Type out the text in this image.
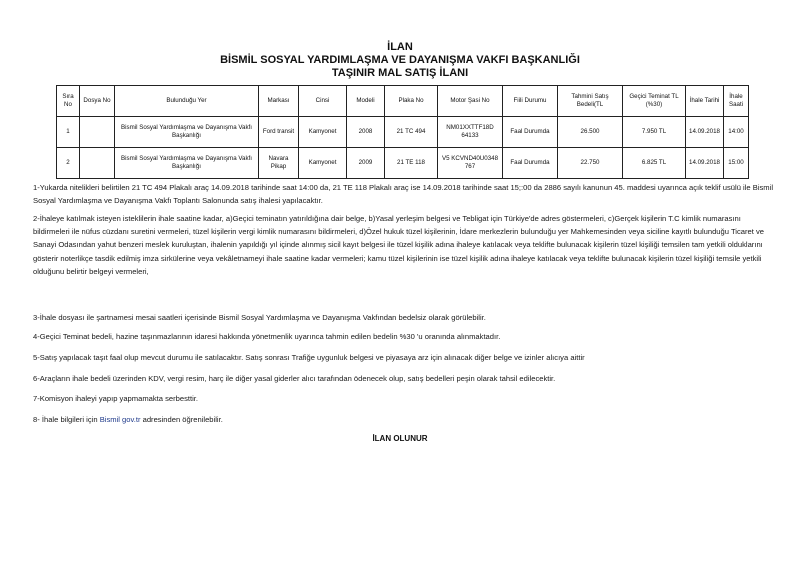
İLAN
BİSMİL SOSYAL YARDIMLAŞMA VE DAYANIŞMA VAKFI BAŞKANLIĞI
TAŞINIR MAL SATIŞ İLANI
Sıra No	Dosya No	Bulunduğu Yer	Markası	Cinsi	Modeli	Plaka No	Motor Şasi No	Fiili Durumu	Tahmini Satış Bedeli(TL	Geçici Teminat TL (%30)	İhale Tarihi	İhale Saati
1		Bismil Sosyal Yardımlaşma ve Dayanışma Vakfı Başkanlığı	Ford transit	Kamyonet	2008	21 TC 494	NM01XXTTF18D 64133	Faal Durumda	26.500	7.950 TL	14.09.2018	14:00
2		Bismil Sosyal Yardımlaşma ve Dayanışma Vakfı Başkanlığı	Navara Pikap	Kamyonet	2009	21 TE 118	V5 KCVND40U0348 767	Faal Durumda	22.750	6.825 TL	14.09.2018	15:00
1-Yukarda nitelikleri belirtilen 21 TC 494 Plakalı araç 14.09.2018 tarihinde saat 14:00 da, 21 TE 118 Plakalı araç ise 14.09.2018 tarihinde saat 15;:00 da 2886 sayılı kanunun 45. maddesi uyarınca açık teklif usülü ile Bismil Sosyal Yardımlaşma ve Dayanışma Vakfı Toplantı Salonunda satış ihalesi yapılacaktır.
2-İhaleye katılmak isteyen isteklilerin ihale saatine kadar, a)Geçici teminatın yatırıldığına dair belge, b)Yasal yerleşim belgesi ve Tebligat için Türkiye'de adres göstermeleri, c)Gerçek kişilerin T.C kimlik numarasını bildirmeleri ile nüfus cüzdanı suretini vermeleri, tüzel kişilerin vergi kimlik numarasını bildirmeleri, d)Özel hukuk tüzel kişilerinin, İdare merkezlerin bulunduğu yer Mahkemesinden veya siciline kayıtlı bulunduğu Ticaret ve Sanayi Odasından yahut benzeri meslek kuruluştan, ihalenin yapıldığı yıl içinde alınmış sicil kayıt belgesi ile tüzel kişilik adına ihaleye katılacak veya teklifte bulunacak kişilerin tüzel kişiliği temsilen tam yetkili olduklarını gösterir noterlikçe tasdik edilmiş imza sirkülerine veya vekâletnameyi ihale saatine kadar vermeleri; kamu tüzel kişilerinin ise tüzel kişilik adına ihaleye katılacak veya teklifte bulunacak kişilerin tüzel kişiliği temsile yetkili olduğunu belirtir belgeyi vermeleri,
3-İhale dosyası ile şartnamesi mesai saatleri içerisinde Bismil Sosyal Yardımlaşma ve Dayanışma Vakfından bedelsiz olarak görülebilir.
4-Geçici Teminat bedeli, hazine taşınmazlarının idaresi hakkında yönetmenlik uyarınca tahmin edilen bedelin %30 'u oranında alınmaktadır.
5-Satış yapılacak taşıt faal olup mevcut durumu ile satılacaktır. Satış sonrası Trafiğe uygunluk belgesi ve piyasaya arz için alınacak diğer belge ve izinler alıcıya aittir
6-Araçların ihale bedeli üzerinden KDV, vergi resim, harç ile diğer yasal giderler alıcı tarafından ödenecek olup, satış bedelleri peşin olarak tahsil edilecektir.
7-Komisyon ihaleyi yapıp yapmamakta serbesttir.
8- İhale bilgileri için Bismil gov.tr adresinden öğrenilebilir.
İLAN OLUNUR
